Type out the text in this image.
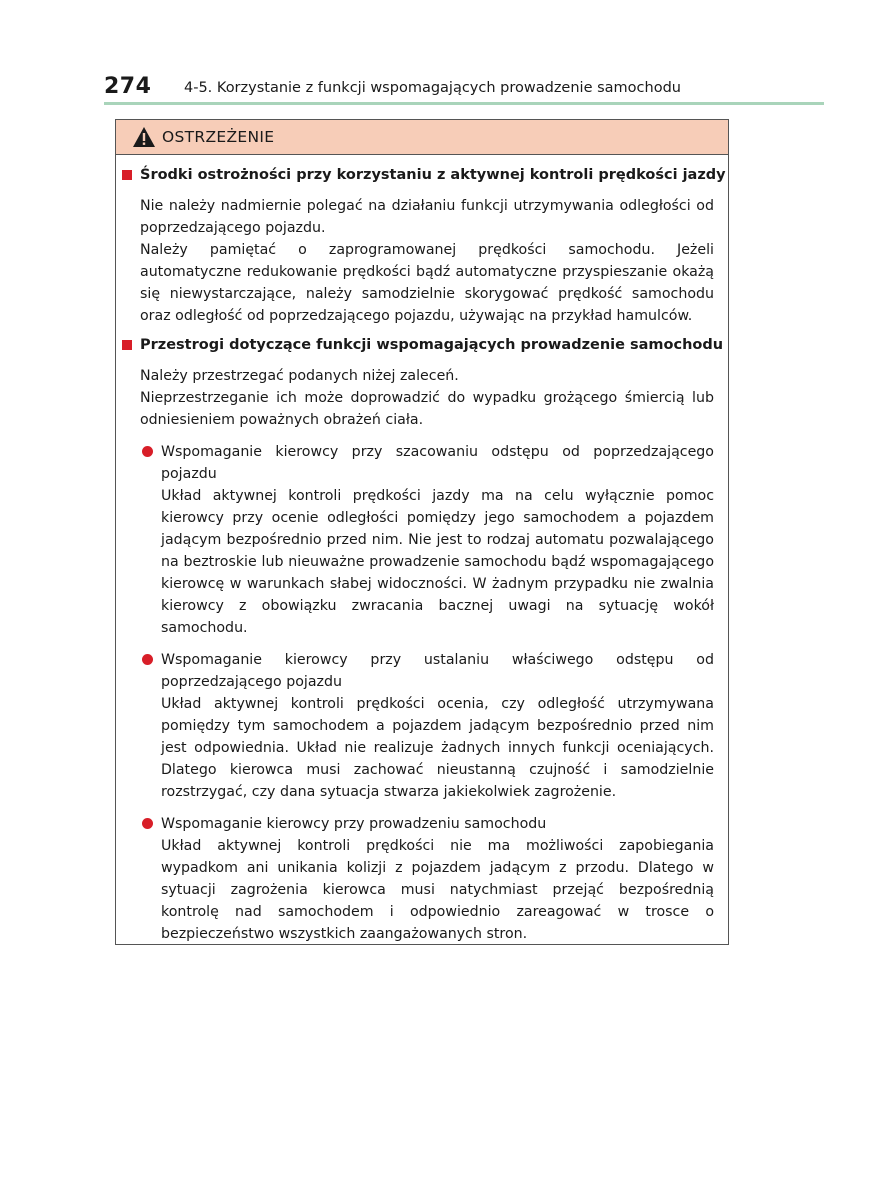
274 4-5. Korzystanie z funkcji wspomagających prowadzenie samochodu
OSTRZEŻENIE
Środki ostrożności przy korzystaniu z aktywnej kontroli prędkości jazdy

Nie należy nadmiernie polegać na działaniu funkcji utrzymywania odległości od poprzedzającego pojazdu.

Należy pamiętać o zaprogramowanej prędkości samochodu. Jeżeli automatyczne redukowanie prędkości bądź automatyczne przyspieszanie okażą się niewystarczające, należy samodzielnie skorygować prędkość samochodu oraz odległość od poprzedzającego pojazdu, używając na przykład hamulców.

Przestrogi dotyczące funkcji wspomagających prowadzenie samochodu

Należy przestrzegać podanych niżej zaleceń.

Nieprzestrzeganie ich może doprowadzić do wypadku grożącego śmiercią lub odniesieniem poważnych obrażeń ciała.

Wspomaganie kierowcy przy szacowaniu odstępu od poprzedzającego pojazdu

Układ aktywnej kontroli prędkości jazdy ma na celu wyłącznie pomoc kierowcy przy ocenie odległości pomiędzy jego samochodem a pojazdem jadącym bezpośrednio przed nim. Nie jest to rodzaj automatu pozwalającego na beztroskie lub nieuważne prowadzenie samochodu bądź wspomagającego kierowcę w warunkach słabej widoczności. W żadnym przypadku nie zwalnia kierowcy z obowiązku zwracania bacznej uwagi na sytuację wokół samochodu.

Wspomaganie kierowcy przy ustalaniu właściwego odstępu od poprzedzającego pojazdu

Układ aktywnej kontroli prędkości ocenia, czy odległość utrzymywana pomiędzy tym samochodem a pojazdem jadącym bezpośrednio przed nim jest odpowiednia. Układ nie realizuje żadnych innych funkcji oceniających. Dlatego kierowca musi zachować nieustanną czujność i samodzielnie rozstrzygać, czy dana sytuacja stwarza jakiekolwiek zagrożenie.

Wspomaganie kierowcy przy prowadzeniu samochodu

Układ aktywnej kontroli prędkości nie ma możliwości zapobiegania wypadkom ani unikania kolizji z pojazdem jadącym z przodu. Dlatego w sytuacji zagrożenia kierowca musi natychmiast przejąć bezpośrednią kontrolę nad samochodem i odpowiednio zareagować w trosce o bezpieczeństwo wszystkich zaangażowanych stron.
